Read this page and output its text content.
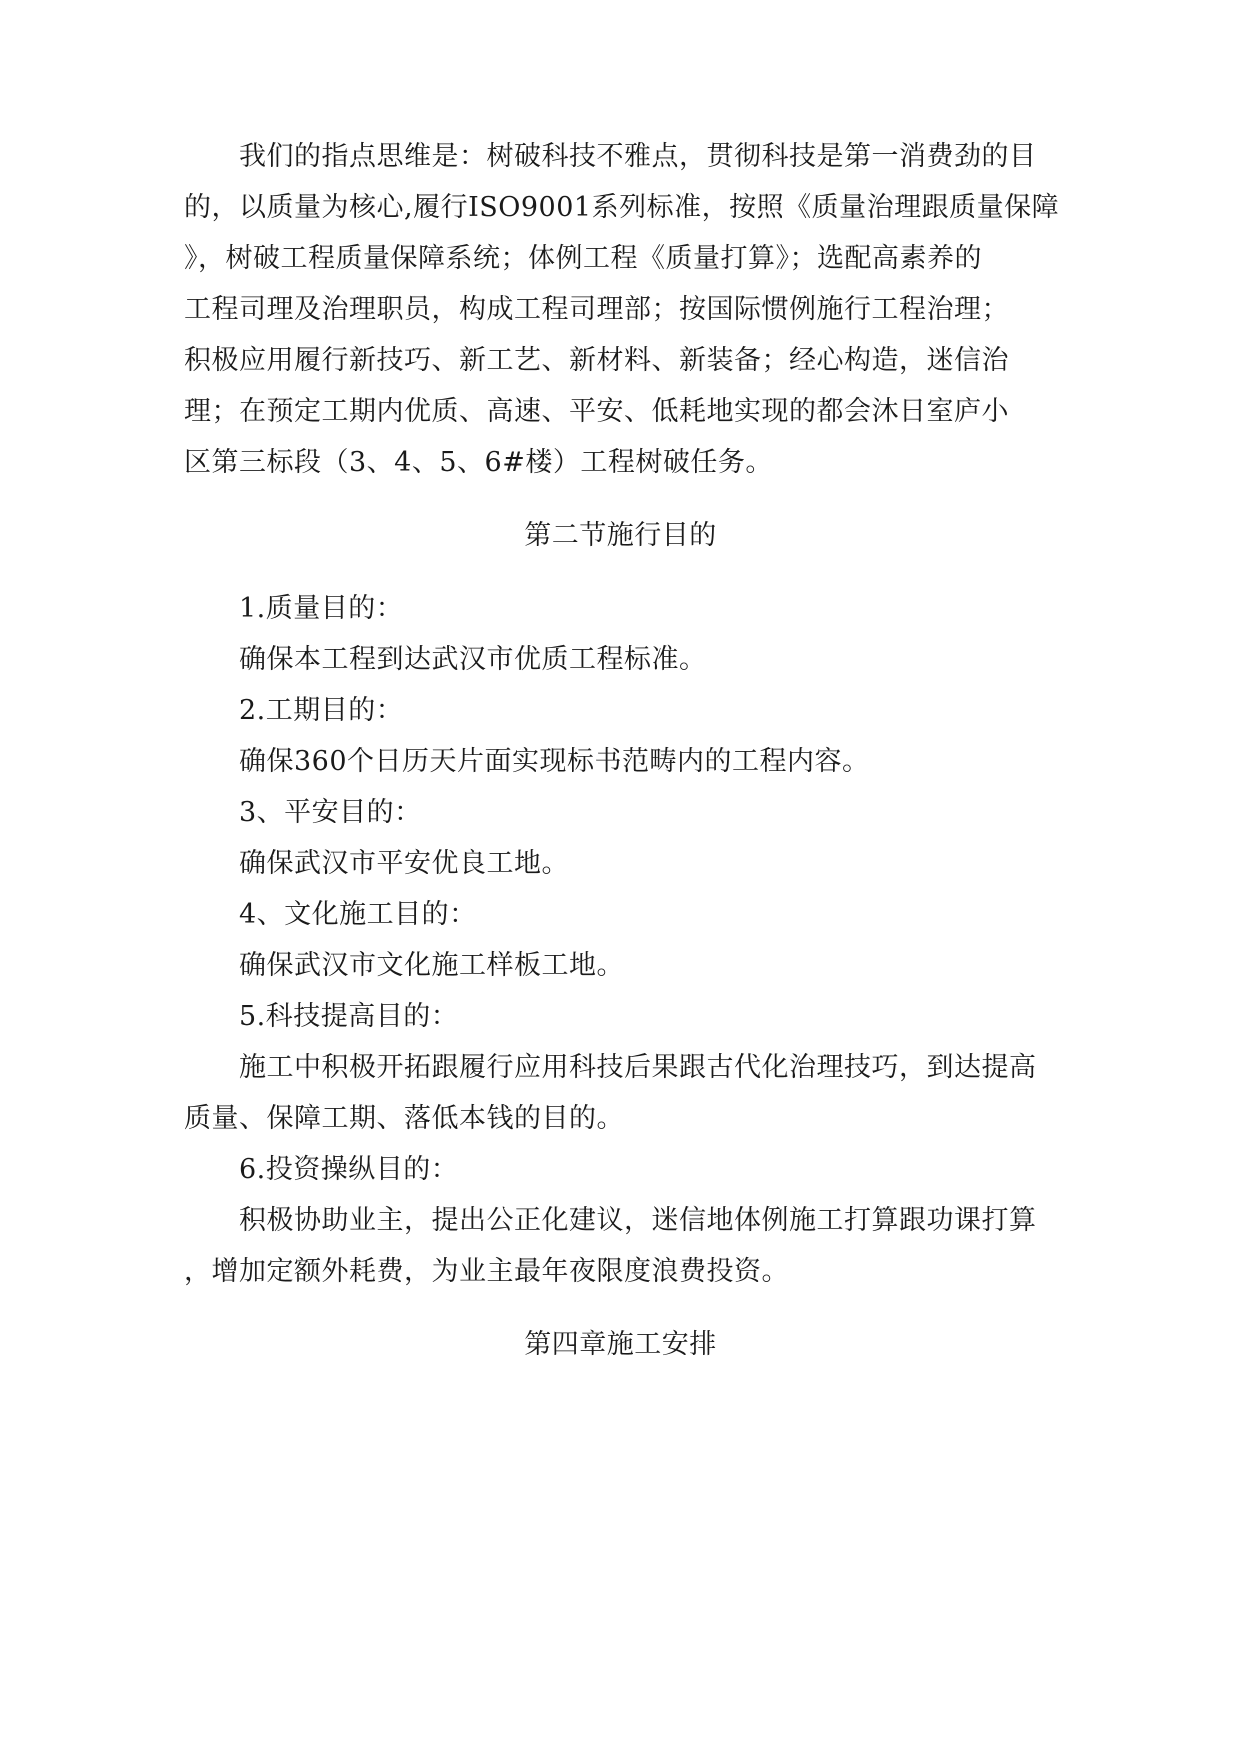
我们的指点思维是：树破科技不雅点，贯彻科技是第一消费劲的目
的，以质量为核心,履行ISO9001系列标准，按照《质量治理跟质量保障
》，树破工程质量保障系统；体例工程《质量打算》；选配高素养的
工程司理及治理职员，构成工程司理部；按国际惯例施行工程治理；
积极应用履行新技巧、新工艺、新材料、新装备；经心构造，迷信治
理；在预定工期内优质、高速、平安、低耗地实现的都会沐日室庐小
区第三标段（3、4、5、6#楼）工程树破任务。
第二节施行目的
1.质量目的：
确保本工程到达武汉市优质工程标准。
2.工期目的：
确保360个日历天片面实现标书范畴内的工程内容。
3、平安目的：
确保武汉市平安优良工地。
4、文化施工目的：
确保武汉市文化施工样板工地。
5.科技提高目的：
施工中积极开拓跟履行应用科技后果跟古代化治理技巧，到达提高
质量、保障工期、落低本钱的目的。
6.投资操纵目的：
积极协助业主，提出公正化建议，迷信地体例施工打算跟功课打算
，增加定额外耗费，为业主最年夜限度浪费投资。
第四章施工安排
